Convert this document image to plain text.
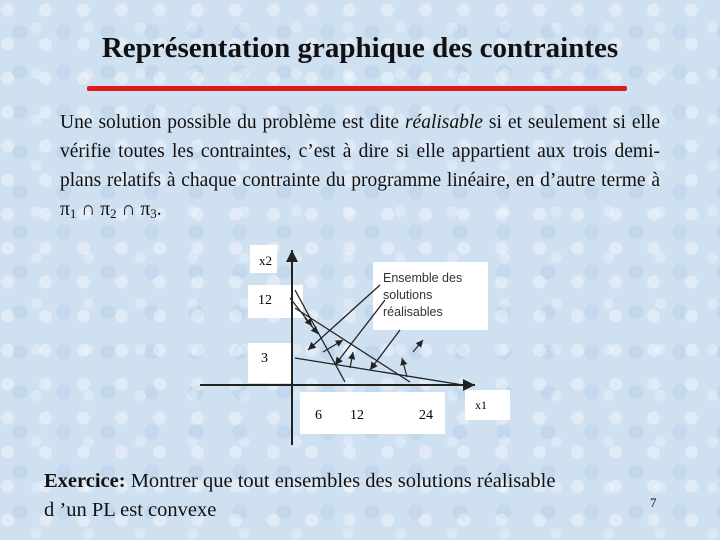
Représentation graphique des contraintes

Une solution possible du problème est dite réalisable si et seulement si elle vérifie toutes les contraintes, c’est à dire si elle appartient aux trois demi-plans relatifs à chaque contrainte du programme linéaire, en d’autre terme à $\pi_1$ ∩ $\pi_2$ ∩ $\pi_3$.

x2
12
3
6 12	24
x1
Ensemble des
solutions
réalisables

Exercice: Montrer que tout ensembles des solutions réalisable
d ’un PL est convexe	7
